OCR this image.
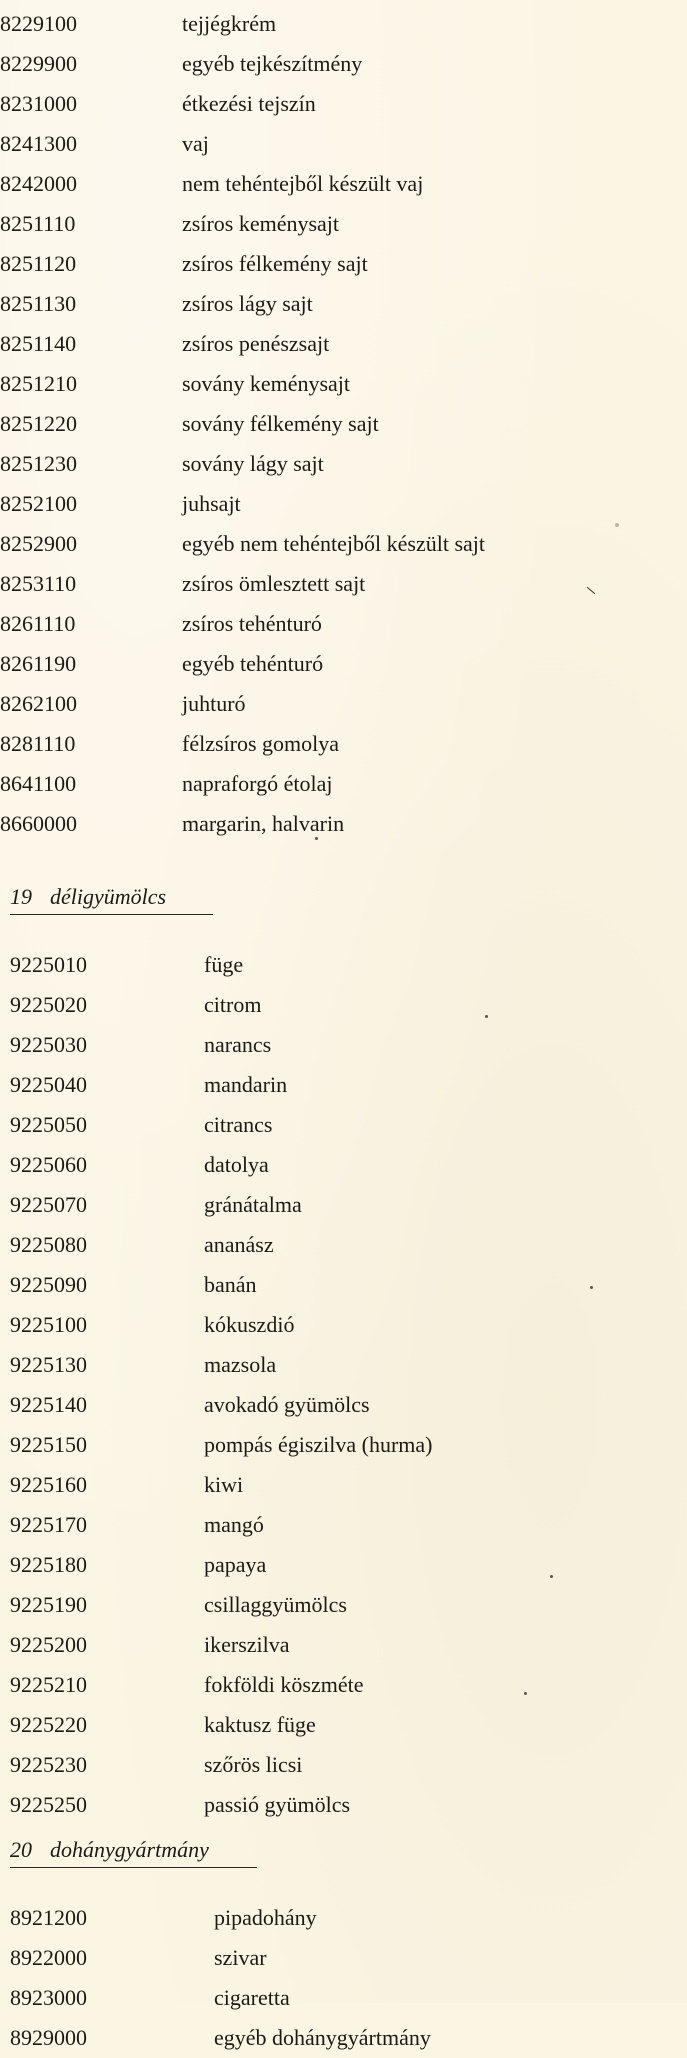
8229100	tejjégkrém
8229900	egyéb tejkészítmény
8231000	étkezési tejszín
8241300	vaj
8242000	nem tehéntejből készült vaj
8251110	zsíros keménysajt
8251120	zsíros félkemény sajt
8251130	zsíros lágy sajt
8251140	zsíros penészsajt
8251210	sovány keménysajt
8251220	sovány félkemény sajt
8251230	sovány lágy sajt
8252100	juhsajt
8252900	egyéb nem tehéntejből készült sajt
8253110	zsíros ömlesztett sajt
8261110	zsíros tehénturó
8261190	egyéb tehénturó
8262100	juhturó
8281110	félzsíros gomolya
8641100	napraforgó étolaj
8660000	margarin, halvarin
19 déligyümölcs
9225010	füge
9225020	citrom
9225030	narancs
9225040	mandarin
9225050	citrancs
9225060	datolya
9225070	gránátalma
9225080	ananász
9225090	banán
9225100	kókuszdió
9225130	mazsola
9225140	avokadó gyümölcs
9225150	pompás égiszilva (hurma)
9225160	kiwi
9225170	mangó
9225180	papaya
9225190	csillaggyümölcs
9225200	ikerszilva
9225210	fokföldi köszméte
9225220	kaktusz füge
9225230	szőrös licsi
9225250	passió gyümölcs
20 dohánygyártmány
8921200	pipadohány
8922000	szivar
8923000	cigaretta
8929000	egyéb dohánygyártmány
